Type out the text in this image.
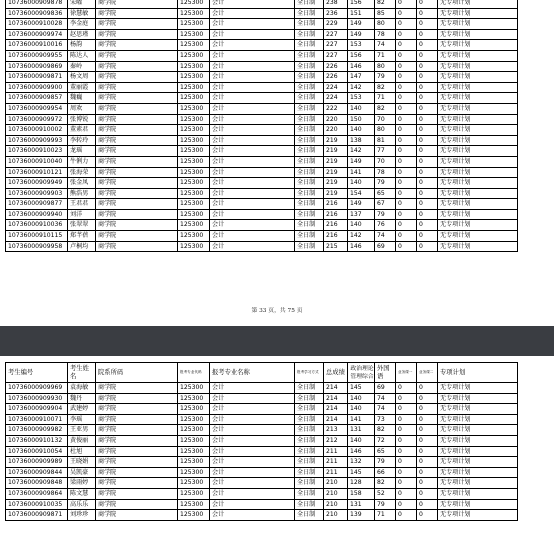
10736000909878	宋曜	商学院	125300	会计	全日制	238	156	82	0	0	无专项计划
10736000909836	徐慧敏	商学院	125300	会计	全日制	236	151	85	0	0	无专项计划
10736000910028	李金庭	商学院	125300	会计	全日制	229	149	80	0	0	无专项计划
10736000909974	赵思瑾	商学院	125300	会计	全日制	227	149	78	0	0	无专项计划
10736000910016	杨韵	商学院	125300	会计	全日制	227	153	74	0	0	无专项计划
10736000909955	陈达人	商学院	125300	会计	全日制	227	156	71	0	0	无专项计划
10736000909869	秦岭	商学院	125300	会计	全日制	226	146	80	0	0	无专项计划
10736000909871	杨文周	商学院	125300	会计	全日制	226	147	79	0	0	无专项计划
10736000909900	董丽霞	商学院	125300	会计	全日制	224	142	82	0	0	无专项计划
10736000909857	魏巍	商学院	125300	会计	全日制	224	153	71	0	0	无专项计划
10736000909954	周欢	商学院	125300	会计	全日制	222	140	82	0	0	无专项计划
10736000909972	张博锐	商学院	125300	会计	全日制	220	150	70	0	0	无专项计划
10736000910002	董素君	商学院	125300	会计	全日制	220	140	80	0	0	无专项计划
10736000909993	李转玲	商学院	125300	会计	全日制	219	138	81	0	0	无专项计划
10736000910023	龙瑶	商学院	125300	会计	全日制	219	142	77	0	0	无专项计划
10736000910040	牛俐力	商学院	125300	会计	全日制	219	149	70	0	0	无专项计划
10736000910121	张海荣	商学院	125300	会计	全日制	219	141	78	0	0	无专项计划
10736000909949	张金凤	商学院	125300	会计	全日制	219	140	79	0	0	无专项计划
10736000909903	熊浩男	商学院	125300	会计	全日制	219	154	65	0	0	无专项计划
10736000909877	王君君	商学院	125300	会计	全日制	216	149	67	0	0	无专项计划
10736000909940	刘洋	商学院	125300	会计	全日制	216	137	79	0	0	无专项计划
10736000910036	张翠翠	商学院	125300	会计	全日制	216	140	76	0	0	无专项计划
10736000910115	郑芊蓓	商学院	125300	会计	全日制	216	142	74	0	0	无专项计划
10736000909958	卢桐均	商学院	125300	会计	全日制	215	146	69	0	0	无专项计划
第 33 页，共 75 页
考生编号	考生姓名	院系所码	报考专业代码	报考专业名称	报考学习方式	总成绩	政治理论 管理综合	外国语	业务课一	业务课二	专项计划
10736000909969	袁海敏	商学院	125300	会计	全日制	214	145	69	0	0	无专项计划
10736000909930	魏丹	商学院	125300	会计	全日制	214	140	74	0	0	无专项计划
10736000909904	武建婷	商学院	125300	会计	全日制	214	140	74	0	0	无专项计划
10736000910071	李瑶	商学院	125300	会计	全日制	214	141	73	0	0	无专项计划
10736000909982	王亚男	商学院	125300	会计	全日制	213	131	82	0	0	无专项计划
10736000910132	黄俊丽	商学院	125300	会计	全日制	212	140	72	0	0	无专项计划
10736000910054	杜旭	商学院	125300	会计	全日制	211	146	65	0	0	无专项计划
10736000909989	王晓娟	商学院	125300	会计	全日制	211	132	79	0	0	无专项计划
10736000909844	吴凯豪	商学院	125300	会计	全日制	211	145	66	0	0	无专项计划
10736000909848	梁雨婷	商学院	125300	会计	全日制	210	128	82	0	0	无专项计划
10736000909864	陈文慧	商学院	125300	会计	全日制	210	158	52	0	0	无专项计划
10736000910035	高乐乐	商学院	125300	会计	全日制	210	131	79	0	0	无专项计划
10736000909871	刘珍珍	商学院	125300	会计	全日制	210	139	71	0	0	无专项计划
